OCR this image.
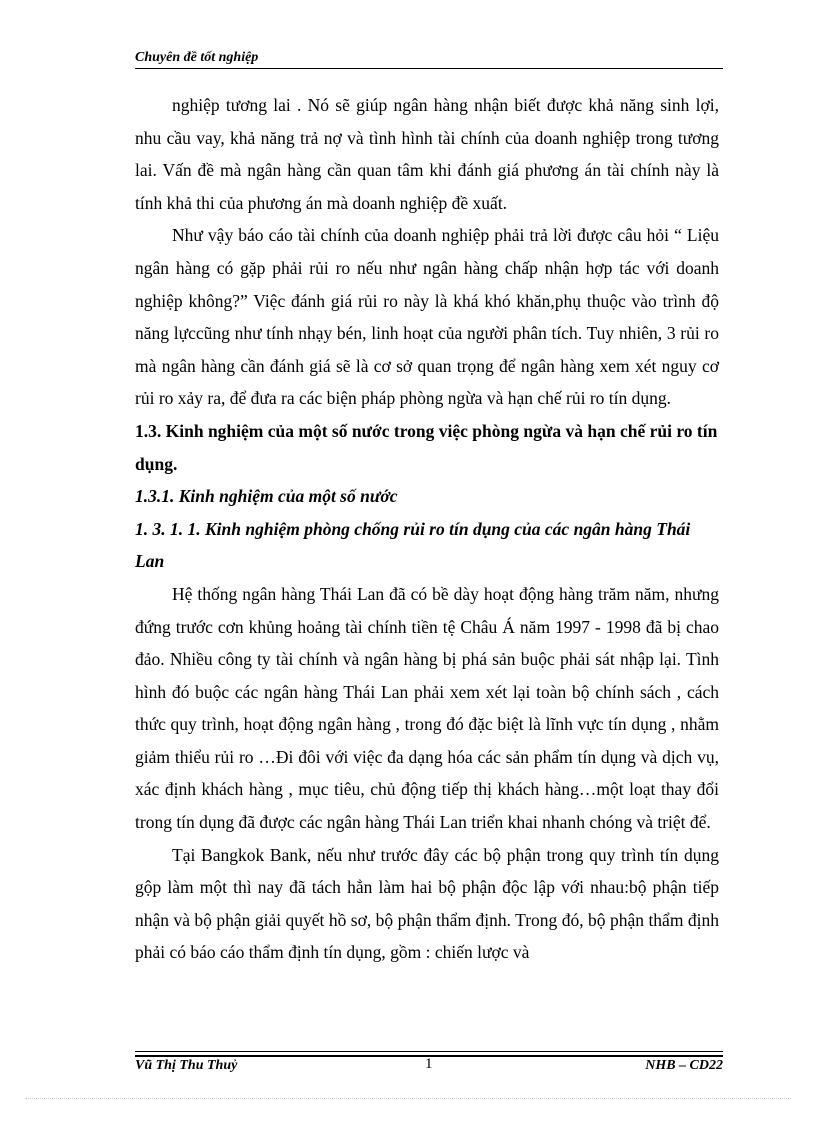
Chuyên đề tốt nghiệp

nghiệp tương lai . Nó sẽ giúp ngân hàng nhận biết được khả năng sinh lợi, nhu cầu vay, khả năng trả nợ và tình hình tài chính của doanh nghiệp trong tương lai. Vấn đề mà ngân hàng cần quan tâm khi đánh giá phương án tài chính này là tính khả thi của phương án mà doanh nghiệp đề xuất.

Như vậy báo cáo tài chính của doanh nghiệp phải trả lời được câu hỏi “ Liệu ngân hàng có gặp phải rủi ro nếu như ngân hàng chấp nhận hợp tác với doanh nghiệp không?” Việc đánh giá rủi ro này là khá khó khăn,phụ thuộc vào trình độ năng lựccũng như tính nhạy bén, linh hoạt của người phân tích. Tuy nhiên, 3 rủi ro mà ngân hàng cần đánh giá sẽ là cơ sở quan trọng để ngân hàng xem xét nguy cơ rủi ro xảy ra, để đưa ra các biện pháp phòng ngừa và hạn chế rủi ro tín dụng.

1.3. Kinh nghiệm của một số nước trong việc phòng ngừa và hạn chế rủi ro tín dụng.
1.3.1. Kinh nghiệm của một số nước
1. 3. 1. 1. Kinh nghiệm phòng chống rủi ro tín dụng của các ngân hàng Thái Lan

Hệ thống ngân hàng Thái Lan đã có bề dày hoạt động hàng trăm năm, nhưng đứng trước cơn khủng hoảng tài chính tiền tệ Châu Á năm 1997 - 1998 đã bị chao đảo. Nhiều công ty tài chính và ngân hàng bị phá sản buộc phải sát nhập lại. Tình hình đó buộc các ngân hàng Thái Lan phải xem xét lại toàn bộ chính sách , cách thức quy trình, hoạt động ngân hàng , trong đó đặc biệt là lĩnh vực tín dụng , nhằm giảm thiểu rủi ro …Đi đôi với việc đa dạng hóa các sản phẩm tín dụng và dịch vụ, xác định khách hàng , mục tiêu, chủ động tiếp thị khách hàng…một loạt thay đổi trong tín dụng đã được các ngân hàng Thái Lan triển khai nhanh chóng và triệt để.

Tại Bangkok Bank, nếu như trước đây các bộ phận trong quy trình tín dụng gộp làm một thì nay đã tách hẳn làm hai bộ phận độc lập với nhau:bộ phận tiếp nhận và bộ phận giải quyết hồ sơ, bộ phận thẩm định. Trong đó, bộ phận thẩm định phải có báo cáo thẩm định tín dụng, gồm : chiến lược và

Vũ Thị Thu Thuỷ	1	NHB – CD22
